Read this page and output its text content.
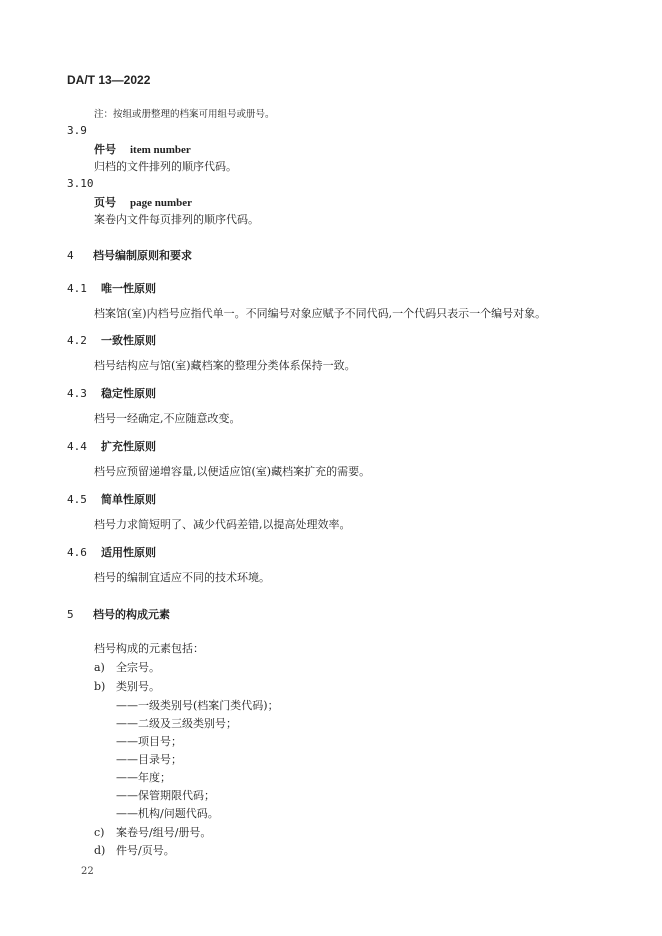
DA/T 13—2022
注：按组或册整理的档案可用组号或册号。
3.9
件号 item number
归档的文件排列的顺序代码。
3.10
页号 page number
案卷内文件每页排列的顺序代码。
4 档号编制原则和要求
4.1 唯一性原则
档案馆(室)内档号应指代单一。不同编号对象应赋予不同代码,一个代码只表示一个编号对象。
4.2 一致性原则
档号结构应与馆(室)藏档案的整理分类体系保持一致。
4.3 稳定性原则
档号一经确定,不应随意改变。
4.4 扩充性原则
档号应预留递增容量,以便适应馆(室)藏档案扩充的需要。
4.5 简单性原则
档号力求简短明了、减少代码差错,以提高处理效率。
4.6 适用性原则
档号的编制宜适应不同的技术环境。
5 档号的构成元素
档号构成的元素包括：
a) 全宗号。
b) 类别号。
——一级类别号(档案门类代码)；
——二级及三级类别号；
——项目号；
——目录号；
——年度；
——保管期限代码；
——机构/问题代码。
c) 案卷号/组号/册号。
d) 件号/页号。
22
